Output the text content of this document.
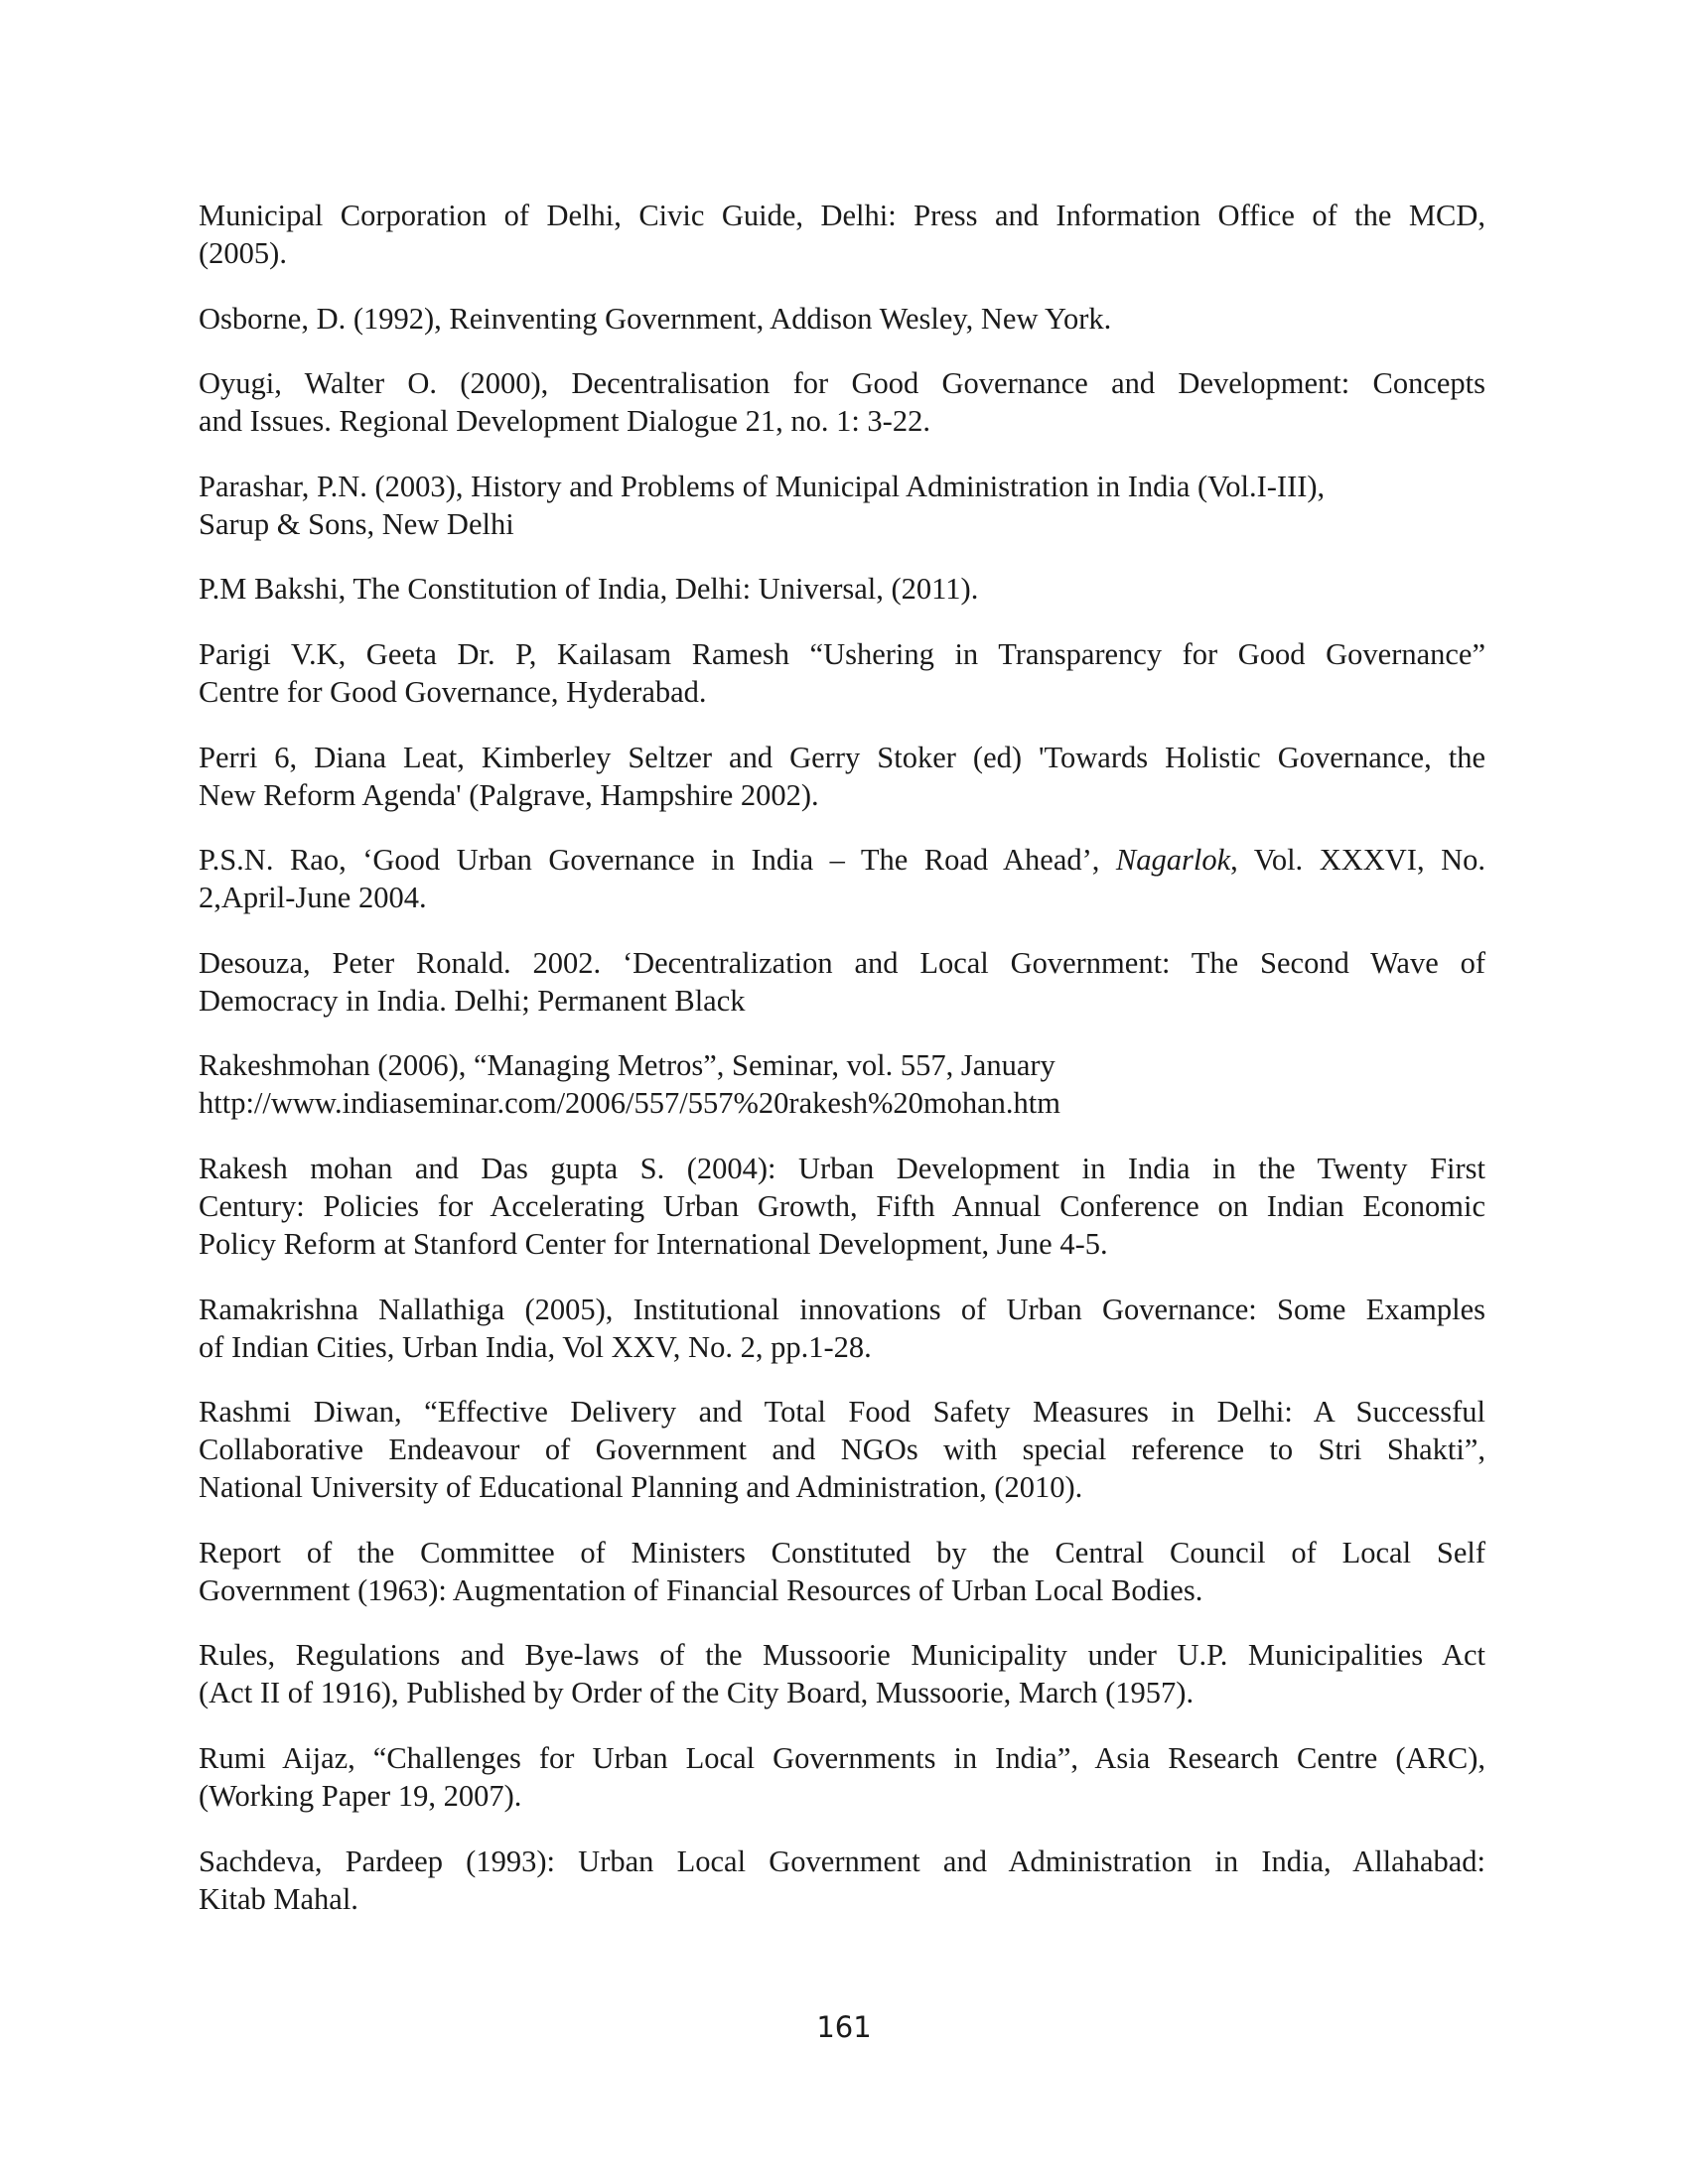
Municipal Corporation of Delhi, Civic Guide, Delhi: Press and Information Office of the MCD,
(2005).
Osborne, D. (1992), Reinventing Government, Addison Wesley, New York.
Oyugi, Walter O. (2000), Decentralisation for Good Governance and Development: Concepts
and Issues. Regional Development Dialogue 21, no. 1: 3-22.
Parashar, P.N. (2003), History and Problems of Municipal Administration in India (Vol.I-III),
Sarup & Sons, New Delhi
P.M Bakshi, The Constitution of India, Delhi: Universal, (2011).
Parigi V.K, Geeta Dr. P, Kailasam Ramesh “Ushering in Transparency for Good Governance”
Centre for Good Governance, Hyderabad.
Perri 6, Diana Leat, Kimberley Seltzer and Gerry Stoker (ed) 'Towards Holistic Governance, the
New Reform Agenda' (Palgrave, Hampshire 2002).
P.S.N. Rao, ‘Good Urban Governance in India – The Road Ahead’, Nagarlok, Vol. XXXVI, No.
2,April-June 2004.
Desouza, Peter Ronald. 2002. ‘Decentralization and Local Government: The Second Wave of
Democracy in India. Delhi; Permanent Black
Rakeshmohan (2006), “Managing Metros”, Seminar, vol. 557, January
http://www.indiaseminar.com/2006/557/557%20rakesh%20mohan.htm
Rakesh mohan and Das gupta S. (2004): Urban Development in India in the Twenty First
Century: Policies for Accelerating Urban Growth, Fifth Annual Conference on Indian Economic
Policy Reform at Stanford Center for International Development, June 4-5.
Ramakrishna Nallathiga (2005), Institutional innovations of Urban Governance: Some Examples
of Indian Cities, Urban India, Vol XXV, No. 2, pp.1-28.
Rashmi Diwan, “Effective Delivery and Total Food Safety Measures in Delhi: A Successful
Collaborative Endeavour of Government and NGOs with special reference to Stri Shakti”,
National University of Educational Planning and Administration, (2010).
Report of the Committee of Ministers Constituted by the Central Council of Local Self
Government (1963): Augmentation of Financial Resources of Urban Local Bodies.
Rules, Regulations and Bye-laws of the Mussoorie Municipality under U.P. Municipalities Act
(Act II of 1916), Published by Order of the City Board, Mussoorie, March (1957).
Rumi Aijaz, “Challenges for Urban Local Governments in India”, Asia Research Centre (ARC),
(Working Paper 19, 2007).
Sachdeva, Pardeep (1993): Urban Local Government and Administration in India, Allahabad:
Kitab Mahal.
161
